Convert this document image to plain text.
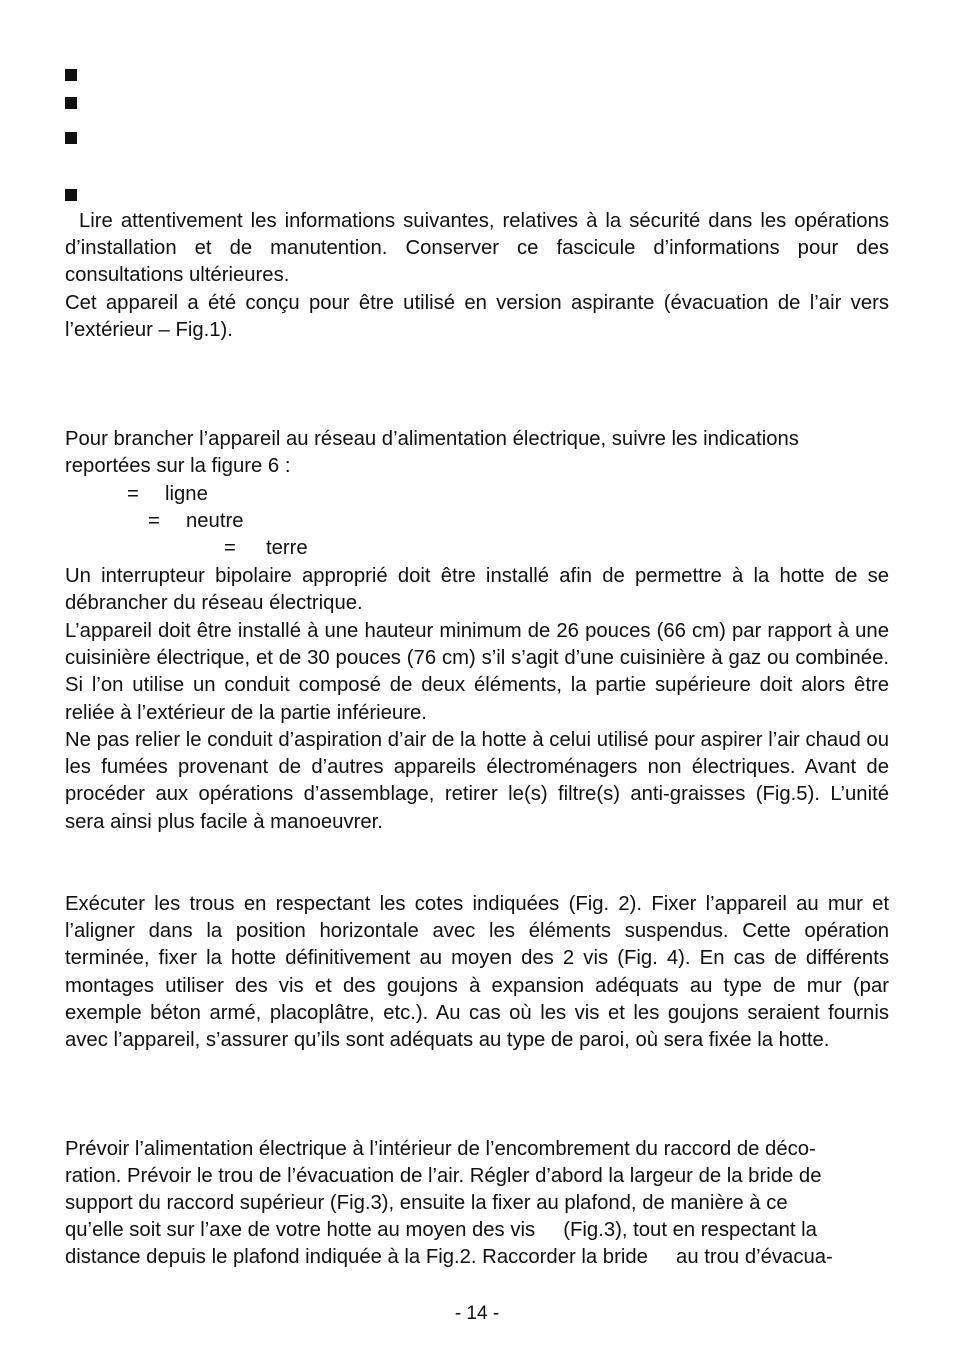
Lire attentivement les informations suivantes, relatives à la sécurité dans les opérations d’installation et de manutention. Conserver ce fascicule d’informations pour des consultations ultérieures.

Cet appareil a été conçu pour être utilisé en version aspirante (évacuation de l’air vers l’extérieur – Fig.1).

Pour brancher l’appareil au réseau d’alimentation électrique, suivre les indications reportées sur la figure 6 :

= ligne
= neutre
= terre

Un interrupteur bipolaire approprié doit être installé afin de permettre à la hotte de se débrancher du réseau électrique.

L’appareil doit être installé à une hauteur minimum de 26 pouces (66 cm) par rapport à une cuisinière électrique, et de 30 pouces (76 cm) s’il s’agit d’une cuisinière à gaz ou combinée. Si l’on utilise un conduit composé de deux éléments, la partie supérieure doit alors être reliée à l’extérieur de la partie inférieure.

Ne pas relier le conduit d’aspiration d’air de la hotte à celui utilisé pour aspirer l’air chaud ou les fumées provenant de d’autres appareils électroménagers non électriques. Avant de procéder aux opérations d’assemblage, retirer le(s) filtre(s) anti-graisses (Fig.5). L’unité sera ainsi plus facile à manoeuvrer.

Exécuter les trous en respectant les cotes indiquées (Fig. 2). Fixer l’appareil au mur et l’aligner dans la position horizontale avec les éléments suspendus. Cette opération terminée, fixer la hotte définitivement au moyen des 2 vis (Fig. 4). En cas de différents montages utiliser des vis et des goujons à expansion adéquats au type de mur (par exemple béton armé, placoplâtre, etc.). Au cas où les vis et les goujons seraient fournis avec l’appareil, s’assurer qu’ils sont adéquats au type de paroi, où sera fixée la hotte.

Prévoir l’alimentation électrique à l’intérieur de l’encombrement du raccord de déco-
ration. Prévoir le trou de l’évacuation de l’air. Régler d’abord la largeur de la bride de
support du raccord supérieur (Fig.3), ensuite la fixer au plafond, de manière à ce
qu’elle soit sur l’axe de votre hotte au moyen des vis     (Fig.3), tout en respectant la
distance depuis le plafond indiquée à la Fig.2. Raccorder la bride     au trou d’évacua-
- 14 -
